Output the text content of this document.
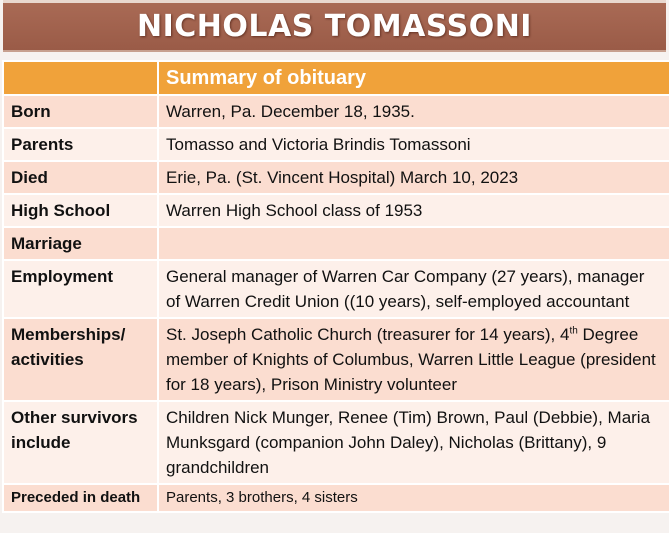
NICHOLAS TOMASSONI
	Summary of obituary
Born	Warren, Pa. December 18, 1935.
Parents	Tomasso and Victoria Brindis Tomassoni
Died	Erie, Pa. (St. Vincent Hospital) March 10, 2023
High School	Warren High School class of 1953
Marriage	
Employment	General manager of Warren Car Company (27 years), manager of Warren Credit Union ((10 years), self-employed accountant
Memberships/ activities	St. Joseph Catholic Church (treasurer for 14 years), 4th Degree member of Knights of Columbus, Warren Little League (president for 18 years), Prison Ministry volunteer
Other survivors include	Children Nick Munger, Renee (Tim) Brown, Paul (Debbie), Maria Munksgard (companion John Daley), Nicholas (Brittany), 9 grandchildren
Preceded in death	Parents, 3 brothers, 4 sisters
